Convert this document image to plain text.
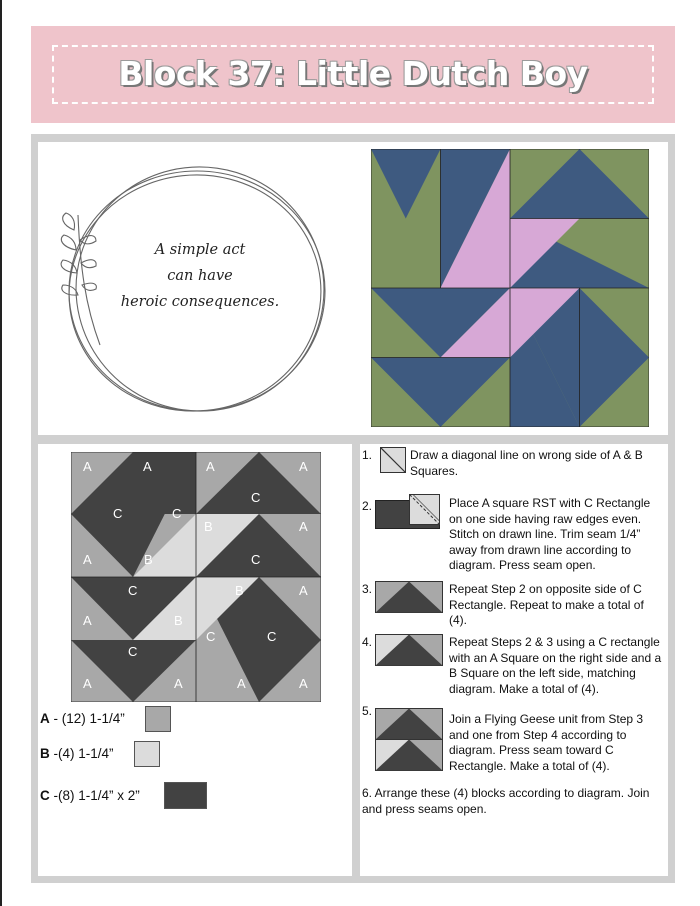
Block 37: Little Dutch Boy
A simple act
can have
heroic consequences.
A	A	A	A
C	C
C
B	A
A	B	C
C	B	A
A	B
C	C
C
A	A	A	A
A - (12) 1-1/4”
B -(4) 1-1/4”
C -(8) 1-1/4” x 2”
1.	Draw a diagonal line on wrong side of A & B Squares.
2.	Place A square RST with C Rectangle on one side having raw edges even. Stitch on drawn line. Trim seam 1/4” away from drawn line according to diagram. Press seam open.
3.	Repeat Step 2 on opposite side of C Rectangle. Repeat to make a total of (4).
4.	Repeat Steps 2 & 3 using a C rectangle with an A Square on the right side and a B Square on the left side, matching diagram. Make a total of (4).
5.
Join a Flying Geese unit from Step 3 and one from Step 4 according to diagram. Press seam toward C Rectangle. Make a total of (4).
6. Arrange these (4) blocks according to diagram. Join and press seams open.
